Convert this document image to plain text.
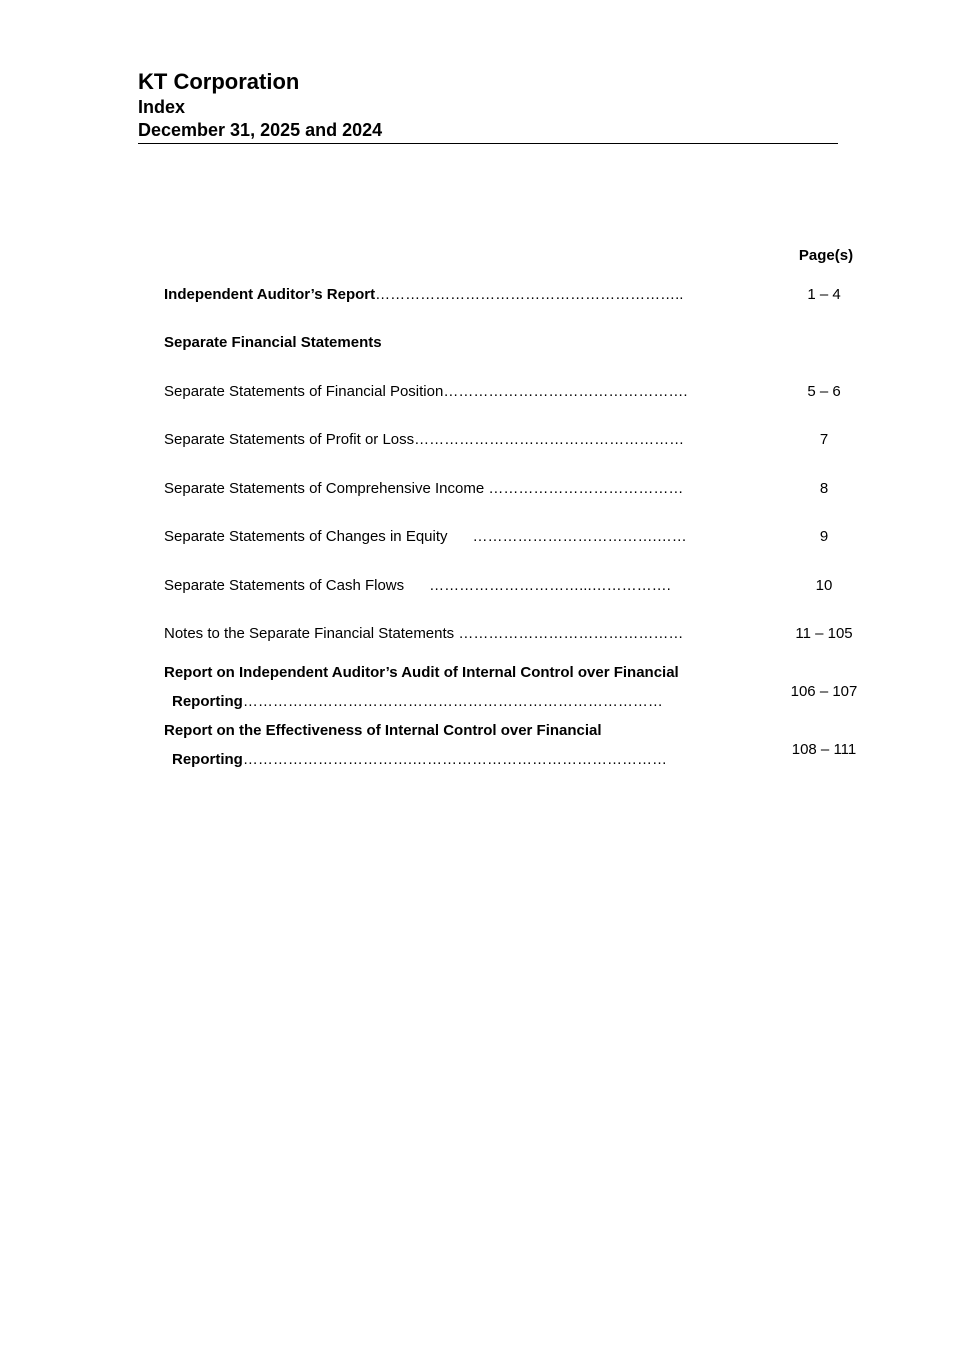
KT Corporation

Index

December 31, 2025 and 2024

Page(s)
Independent Auditor’s Report……………………………………………………..	1 – 4
Separate Financial Statements
Separate Statements of Financial Position………………………………………….	5 – 6
Separate Statements of Profit or Loss………………………………………………	7
Separate Statements of Comprehensive Income …………………………………	8
Separate Statements of Changes in Equity      ……………………………….……	9
Separate Statements of Cash Flows      …………………………...…………….	10
Notes to the Separate Financial Statements ………………………………………	11 – 105
Report on Independent Auditor’s Audit of Internal Control over Financial
Reporting…………………………………………………………………………
106 – 107
Report on the Effectiveness of Internal Control over Financial
Reporting…………………………….……………………………………………
108 – 111
